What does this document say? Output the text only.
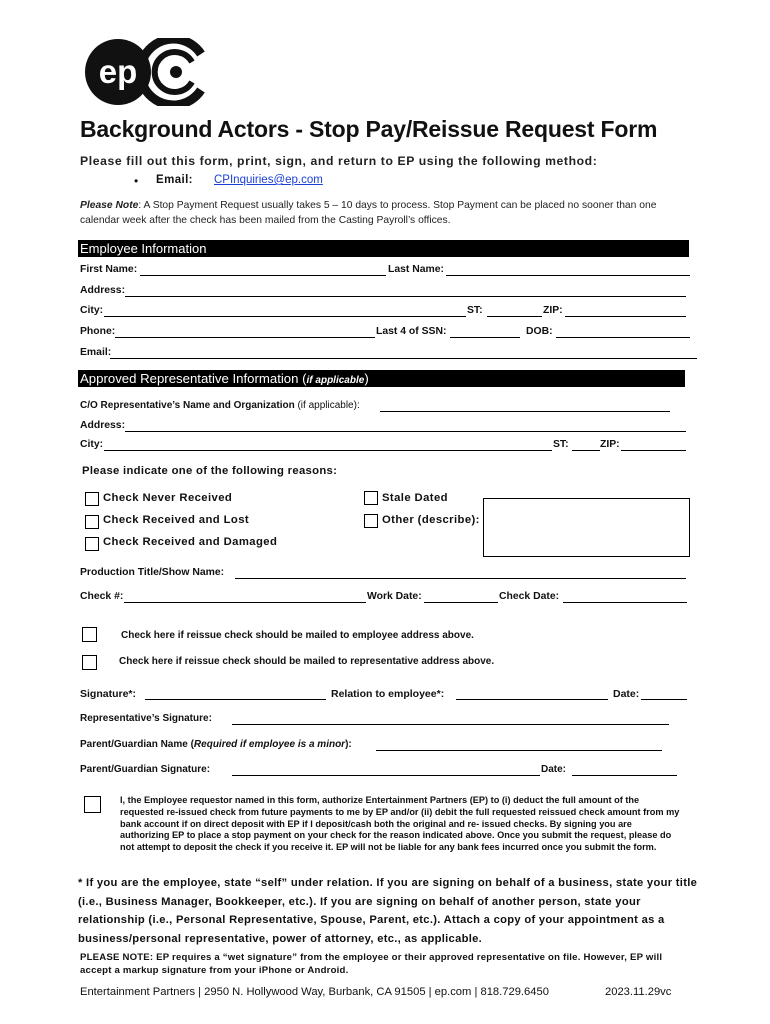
ep
Background Actors - Stop Pay/Reissue Request Form
Please fill out this form, print, sign, and return to EP using the following method:
• Email: CPInquiries@ep.com
Please Note: A Stop Payment Request usually takes 5 – 10 days to process. Stop Payment can be placed no sooner than one calendar week after the check has been mailed from the Casting Payroll’s offices.
Employee Information
First Name:	Last Name:
Address:
City:	ST:	ZIP:
Phone:	Last 4 of SSN:	DOB:
Email:
Approved Representative Information (if applicable)
C/O Representative’s Name and Organization (if applicable):
Address:
City:	ST:	ZIP:
Please indicate one of the following reasons:
Check Never Received
Check Received and Lost
Check Received and Damaged
Stale Dated
Other (describe):
Production Title/Show Name:
Check #:	Work Date:	Check Date:
Check here if reissue check should be mailed to employee address above.
Check here if reissue check should be mailed to representative address above.
Signature*:	Relation to employee*:	Date:
Representative’s Signature:
Parent/Guardian Name (Required if employee is a minor):
Parent/Guardian Signature:	Date:
I, the Employee requestor named in this form, authorize Entertainment Partners (EP) to (i) deduct the full amount of the requested re-issued check from future payments to me by EP and/or (ii) debit the full requested reissued check amount from my bank account if on direct deposit with EP if I deposit/cash both the original and re- issued checks. By signing you are authorizing EP to place a stop payment on your check for the reason indicated above. Once you submit the request, please do not attempt to deposit the check if you receive it. EP will not be liable for any bank fees incurred once you submit the form.
* If you are the employee, state “self” under relation. If you are signing on behalf of a business, state your title (i.e., Business Manager, Bookkeeper, etc.). If you are signing on behalf of another person, state your relationship (i.e., Personal Representative, Spouse, Parent, etc.). Attach a copy of your appointment as a business/personal representative, power of attorney, etc., as applicable.
PLEASE NOTE: EP requires a “wet signature” from the employee or their approved representative on file. However, EP will accept a markup signature from your iPhone or Android.
Entertainment Partners | 2950 N. Hollywood Way, Burbank, CA 91505 | ep.com | 818.729.6450	2023.11.29vc
